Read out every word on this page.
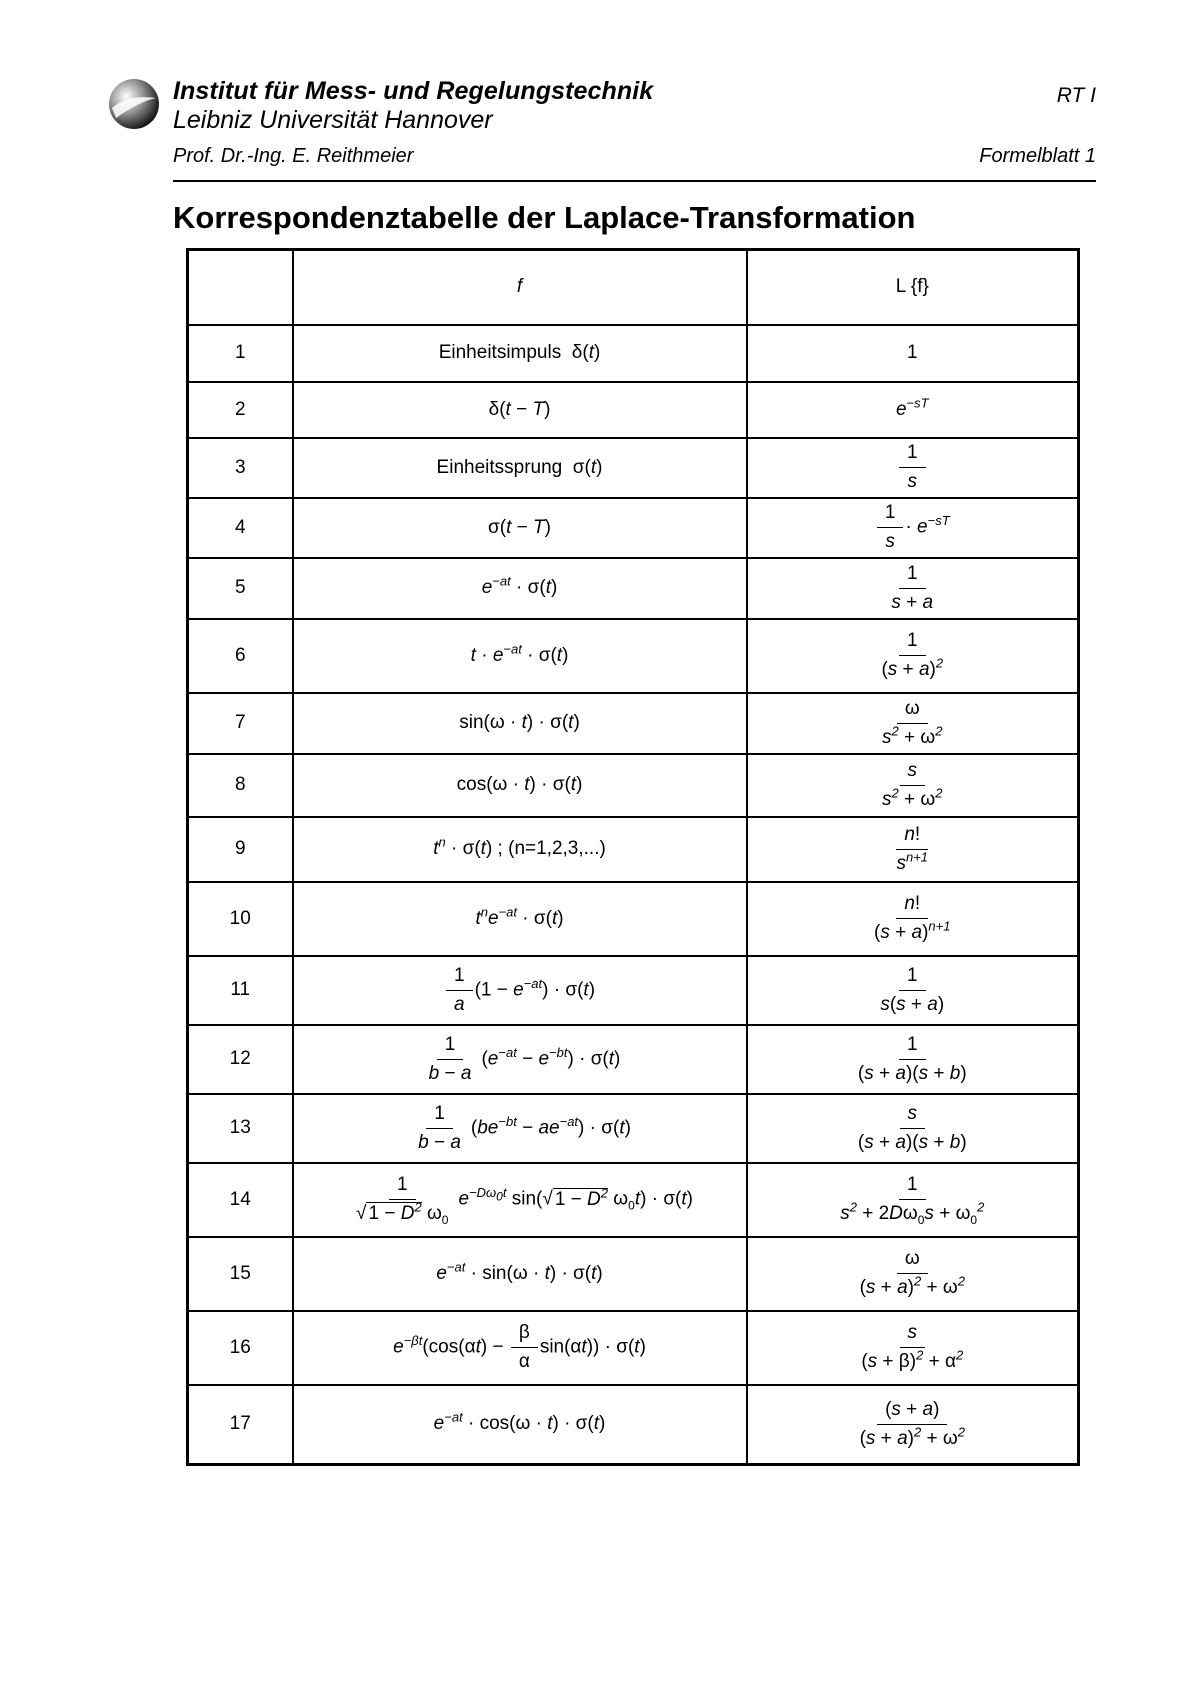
Institut für Mess- und Regelungstechnik
Leibniz Universität Hannover
RT I
Prof. Dr.-Ing. E. Reithmeier	Formelblatt 1
Korrespondenztabelle der Laplace-Transformation
	f	L {f}
1	Einheitsimpuls  δ(t)	1
2	δ(t − T)	$e^{-sT}$
3	Einheitssprung  σ(t)	$\frac{1}{s}$

4	σ(t − T)	$\frac{1}{s} \cdot e^{-sT}$
5	$e^{-at} \cdot \sigma(t)$	$\frac{1}{s + a}$

6	$t \cdot e^{-at} \cdot \sigma(t)$	$\frac{1}{(s + a)^2}$

7	sin(ω · t) · σ(t)	$\frac{\omega}{s^2 + \omega^2}$

8	cos(ω · t) · σ(t)	$\frac{s}{s^2 + \omega^2}$

9	$t^n \cdot \sigma(t)$ ; (n=1,2,3,...)	$\frac{n!}{s^{n+1}}$

10	$t^ne^{-at} \cdot \sigma(t)$	$\frac{n!}{(s + a)^{n+1}}$

11	$\frac{1}{a} (1 - e^{-at}) \cdot \sigma(t)$	$\frac{1}{s(s + a)}$

12	$\frac{1}{b - a} (e^{-at} - e^{-bt}) \cdot \sigma(t)$	$\frac{1}{(s + a)(s + b)}$

13	$\frac{1}{b - a} (be^{-bt} - ae^{-at}) \cdot \sigma(t)$	$\frac{s}{(s + a)(s + b)}$

14	$\frac{1}{√ 1 - D^2 \omega_0} e^{-D\omega_0t}$ sin(√ $1 - D^2$ $\omega_0t) \cdot \sigma(t)$	$\frac{1}{s^2 + 2D\omega_0s + \omega_0^2}$

15	$e^{-at} \cdot \sin(\omega \cdot t) \cdot \sigma(t)$	$\frac{\omega}{(s + a)^2 + \omega^2}$

16	$e^{-\beta t}(\cos(\alpha t) - \frac{\beta}{\alpha} \sin(\alpha t)) \cdot \sigma(t)$	$\frac{s}{(s + \beta)^2 + \alpha^2}$

17	$e^{-at} \cdot \cos(\omega \cdot t) \cdot \sigma(t)$	$\frac{(s + a)}{(s + a)^2 + \omega^2}$
